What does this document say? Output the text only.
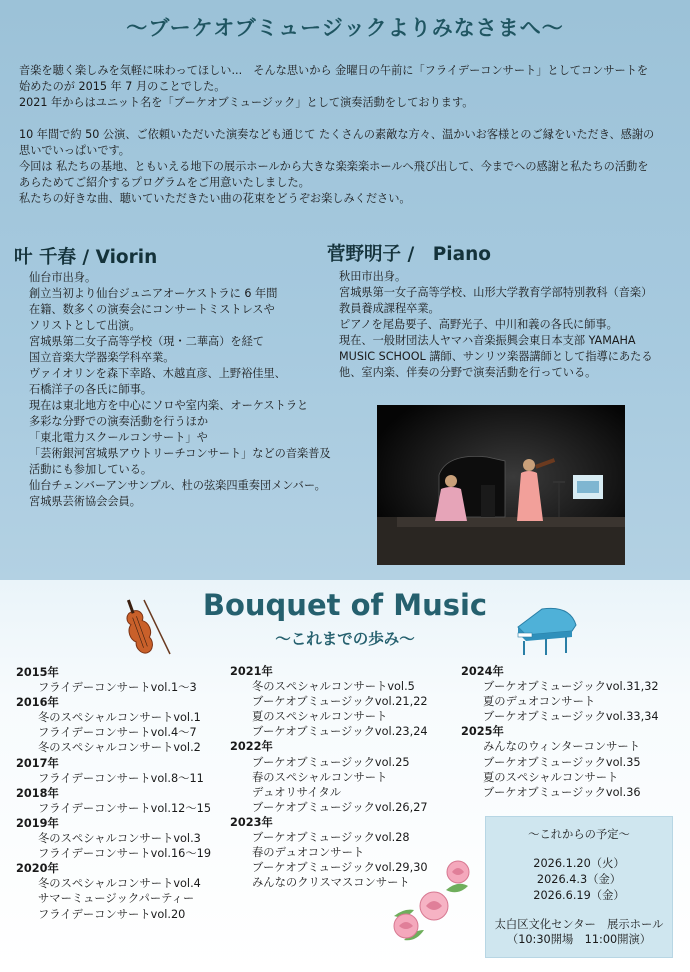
〜ブーケオブミュージックよりみなさまへ〜
音楽を聴く楽しみを気軽に味わってほしい...　そんな思いから 金曜日の午前に「フライデーコンサート」としてコンサートを
始めたのが 2015 年 7 月のことでした。
2021 年からはユニット名を「ブーケオブミュージック」として演奏活動をしております。
10 年間で約 50 公演、ご依頼いただいた演奏なども通じて たくさんの素敵な方々、温かいお客様とのご縁をいただき、感謝の
思いでいっぱいです。
今回は 私たちの基地、ともいえる地下の展示ホールから大きな楽楽楽ホールへ飛び出して、今までへの感謝と私たちの活動を
あらためてご紹介するプログラムをご用意いたしました。
私たちの好きな曲、聴いていただきたい曲の花束をどうぞお楽しみください。
叶 千春 / Viorin
仙台市出身。
創立当初より仙台ジュニアオーケストラに 6 年間
在籍、数多くの演奏会にコンサートミストレスや
ソリストとして出演。
宮城県第二女子高等学校（現・二華高）を経て
国立音楽大学器楽学科卒業。
ヴァイオリンを森下幸路、木越直彦、上野裕佳里、
石橋洋子の各氏に師事。
現在は東北地方を中心にソロや室内楽、オーケストラと
多彩な分野での演奏活動を行うほか
「東北電力スクールコンサート」や
「芸術銀河宮城県アウトリーチコンサート」などの音楽普及
活動にも参加している。
仙台チェンバーアンサンブル、杜の弦楽四重奏団メンバー。
宮城県芸術協会会員。
菅野明子 /　Piano
秋田市出身。
宮城県第一女子高等学校、山形大学教育学部特別教科（音楽）
教員養成課程卒業。
ピアノを尾島要子、高野光子、中川和義の各氏に師事。
現在、一般財団法人ヤマハ音楽振興会東日本支部 YAMAHA
MUSIC SCHOOL 講師、サンリツ楽器講師として指導にあたる
他、室内楽、伴奏の分野で演奏活動を行っている。
Bouquet of Music
〜これまでの歩み〜
2015年
フライデーコンサートvol.1〜3
2016年
冬のスペシャルコンサートvol.1
フライデーコンサートvol.4〜7
冬のスペシャルコンサートvol.2
2017年
フライデーコンサートvol.8〜11
2018年
フライデーコンサートvol.12〜15
2019年
冬のスペシャルコンサートvol.3
フライデーコンサートvol.16〜19
2020年
冬のスペシャルコンサートvol.4
サマーミュージックパーティー
フライデーコンサートvol.20
2021年
冬のスペシャルコンサートvol.5
ブーケオブミュージックvol.21,22
夏のスペシャルコンサート
ブーケオブミュージックvol.23,24
2022年
ブーケオブミュージックvol.25
春のスペシャルコンサート
デュオリサイタル
ブーケオブミュージックvol.26,27
2023年
ブーケオブミュージックvol.28
春のデュオコンサート
ブーケオブミュージックvol.29,30
みんなのクリスマスコンサート
2024年
ブーケオブミュージックvol.31,32
夏のデュオコンサート
ブーケオブミュージックvol.33,34
2025年
みんなのウィンターコンサート
ブーケオブミュージックvol.35
夏のスペシャルコンサート
ブーケオブミュージックvol.36
〜これからの予定〜
2026.1.20（火）
2026.4.3（金）
2026.6.19（金）
太白区文化センター　展示ホール
（10:30開場　11:00開演）
